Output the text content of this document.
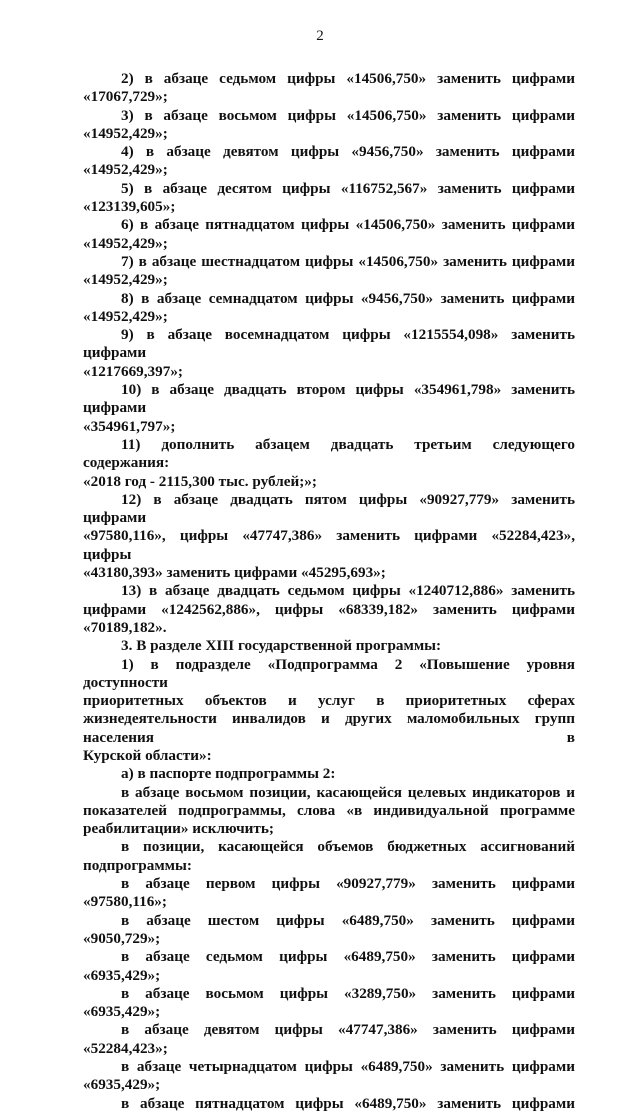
2

2) в абзаце седьмом цифры «14506,750» заменить цифрами

«17067,729»;

3) в абзаце восьмом цифры «14506,750» заменить цифрами

«14952,429»;

4) в абзаце девятом цифры «9456,750» заменить цифрами

«14952,429»;

5) в абзаце десятом цифры «116752,567» заменить цифрами

«123139,605»;

6) в абзаце пятнадцатом цифры «14506,750» заменить цифрами

«14952,429»;

7) в абзаце шестнадцатом цифры «14506,750» заменить цифрами

«14952,429»;

8) в абзаце семнадцатом цифры «9456,750» заменить цифрами

«14952,429»;

9) в абзаце восемнадцатом цифры «1215554,098» заменить цифрами

«1217669,397»;

10) в абзаце двадцать втором цифры «354961,798» заменить цифрами

«354961,797»;

11) дополнить абзацем двадцать третьим следующего содержания:

«2018 год - 2115,300 тыс. рублей;»;

12) в абзаце двадцать пятом цифры «90927,779» заменить цифрами

«97580,116», цифры «47747,386» заменить цифрами «52284,423», цифры

«43180,393» заменить цифрами «45295,693»;

13) в абзаце двадцать седьмом цифры «1240712,886» заменить

цифрами «1242562,886», цифры «68339,182» заменить цифрами

«70189,182».

3. В разделе XIII государственной программы:

1) в подразделе «Подпрограмма 2 «Повышение уровня доступности

приоритетных объектов и услуг в приоритетных сферах

жизнедеятельности инвалидов и других маломобильных групп населения в

Курской области»:

а) в паспорте подпрограммы 2:

в абзаце восьмом позиции, касающейся целевых индикаторов и

показателей подпрограммы, слова «в индивидуальной программе

реабилитации» исключить;

в позиции, касающейся объемов бюджетных ассигнований

подпрограммы:

в абзаце первом цифры «90927,779» заменить цифрами «97580,116»;

в абзаце шестом цифры «6489,750» заменить цифрами «9050,729»;

в абзаце седьмом цифры «6489,750» заменить цифрами «6935,429»;

в абзаце восьмом цифры «3289,750» заменить цифрами «6935,429»;

в абзаце девятом цифры «47747,386» заменить цифрами «52284,423»;

в абзаце четырнадцатом цифры «6489,750» заменить цифрами

«6935,429»;

в абзаце пятнадцатом цифры «6489,750» заменить цифрами
